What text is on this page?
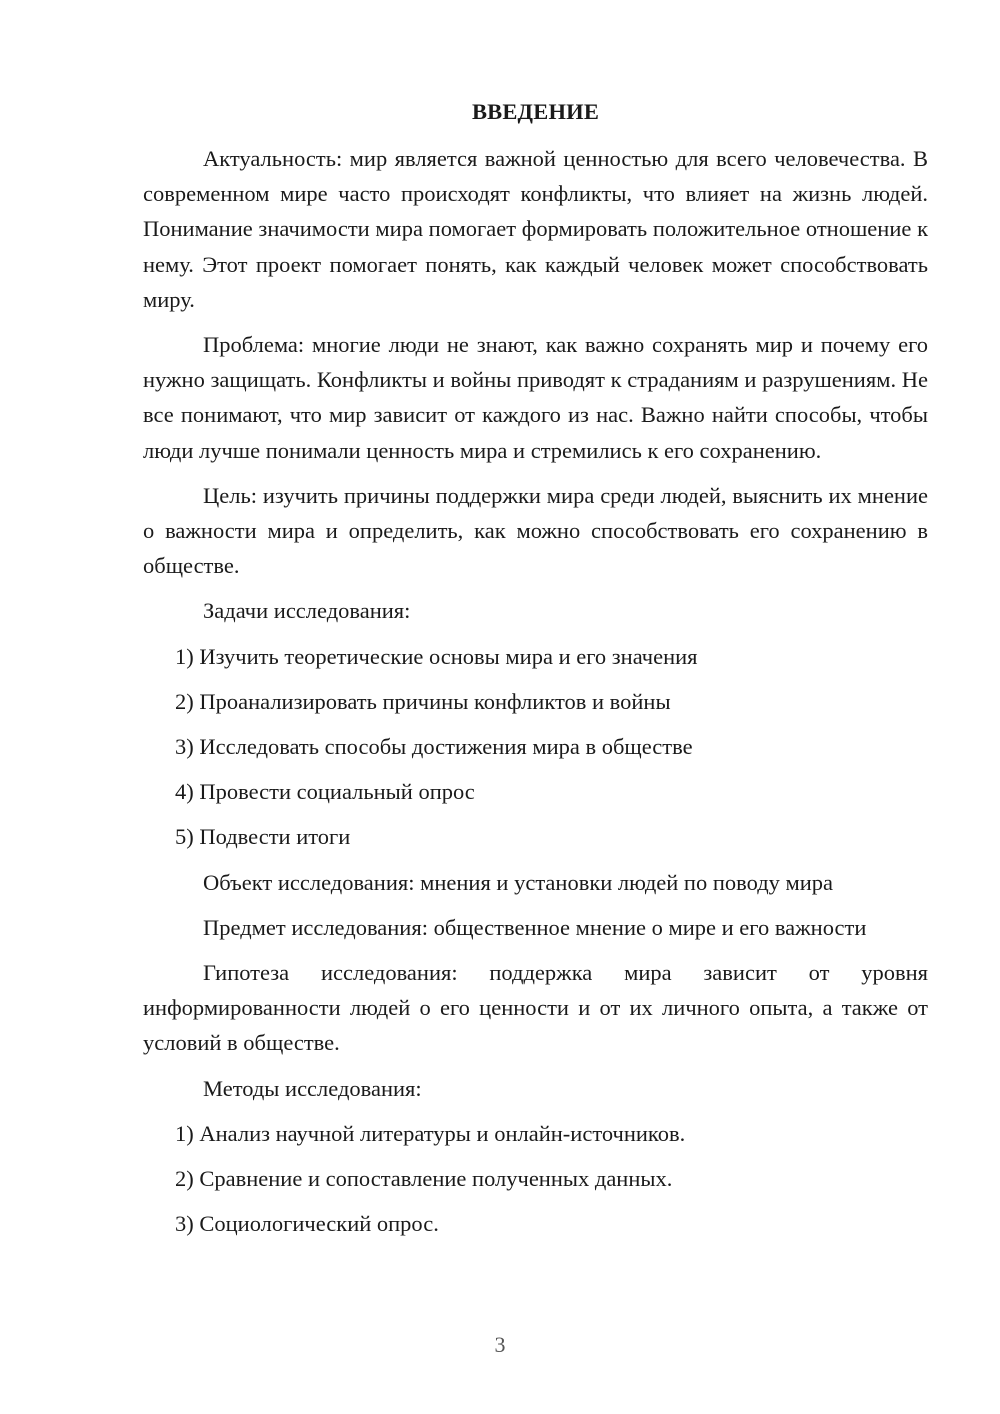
ВВЕДЕНИЕ

Актуальность: мир является важной ценностью для всего человечества. В современном мире часто происходят конфликты, что влияет на жизнь людей. Понимание значимости мира помогает формировать положительное отношение к нему. Этот проект помогает понять, как каждый человек может способствовать миру.

Проблема: многие люди не знают, как важно сохранять мир и почему его нужно защищать. Конфликты и войны приводят к страданиям и разрушениям. Не все понимают, что мир зависит от каждого из нас. Важно найти способы, чтобы люди лучше понимали ценность мира и стремились к его сохранению.

Цель: изучить причины поддержки мира среди людей, выяснить их мнение о важности мира и определить, как можно способствовать его сохранению в обществе.

Задачи исследования:

1) Изучить теоретические основы мира и его значения
2) Проанализировать причины конфликтов и войны
3) Исследовать способы достижения мира в обществе
4) Провести социальный опрос
5) Подвести итоги

Объект исследования: мнения и установки людей по поводу мира

Предмет исследования: общественное мнение о мире и его важности

Гипотеза исследования: поддержка мира зависит от уровня информированности людей о его ценности и от их личного опыта, а также от условий в обществе.

Методы исследования:

1) Анализ научной литературы и онлайн-источников.
2) Сравнение и сопоставление полученных данных.
3) Социологический опрос.
3
